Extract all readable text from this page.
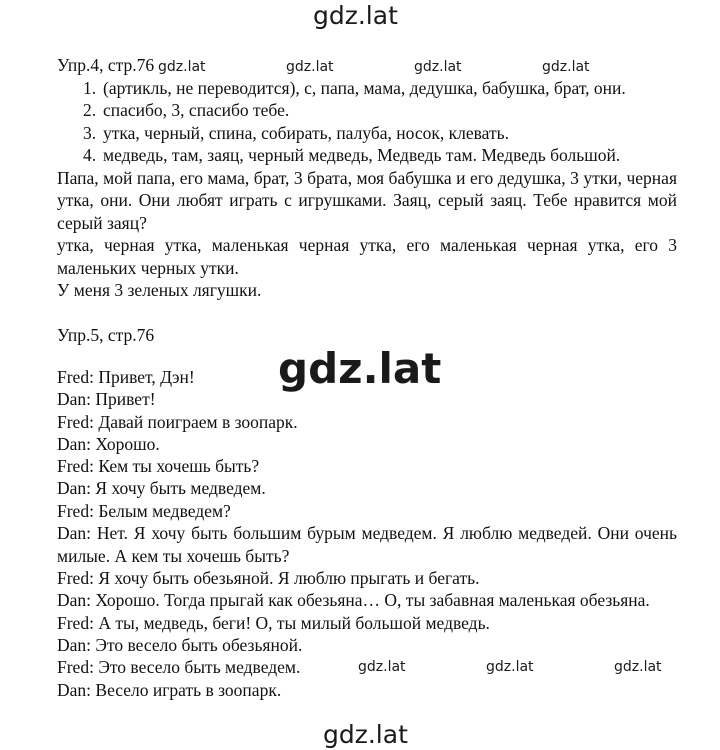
gdz.lat
Упр.4, стр.76
1. (артикль, не переводится), с, папа, мама, дедушка, бабушка, брат, они.
2. спасибо, 3, спасибо тебе.
3. утка, черный, спина, собирать, палуба, носок, клевать.
4. медведь, там, заяц, черный медведь, Медведь там. Медведь большой.
Папа, мой папа, его мама, брат, 3 брата, моя бабушка и его дедушка, 3 утки, черная утка, они. Они любят играть с игрушками. Заяц, серый заяц. Тебе нравится мой серый заяц?
утка, черная утка, маленькая черная утка, его маленькая черная утка, его 3 маленьких черных утки.
У меня 3 зеленых лягушки.
Упр.5, стр.76
Fred: Привет, Дэн!
Dan: Привет!
Fred: Давай поиграем в зоопарк.
Dan: Хорошо.
Fred: Кем ты хочешь быть?
Dan: Я хочу быть медведем.
Fred: Белым медведем?
Dan: Нет. Я хочу быть большим бурым медведем. Я люблю медведей. Они очень милые. А кем ты хочешь быть?
Fred: Я хочу быть обезьяной. Я люблю прыгать и бегать.
Dan: Хорошо. Тогда прыгай как обезьяна… О, ты забавная маленькая обезьяна.
Fred: А ты, медведь, беги! О, ты милый большой медведь.
Dan: Это весело быть обезьяной.
Fred: Это весело быть медведем.
Dan: Весело играть в зоопарк.
gdz.lat	gdz.lat	gdz.lat	gdz.lat
gdz.lat
gdz.lat	gdz.lat	gdz.lat
gdz.lat
